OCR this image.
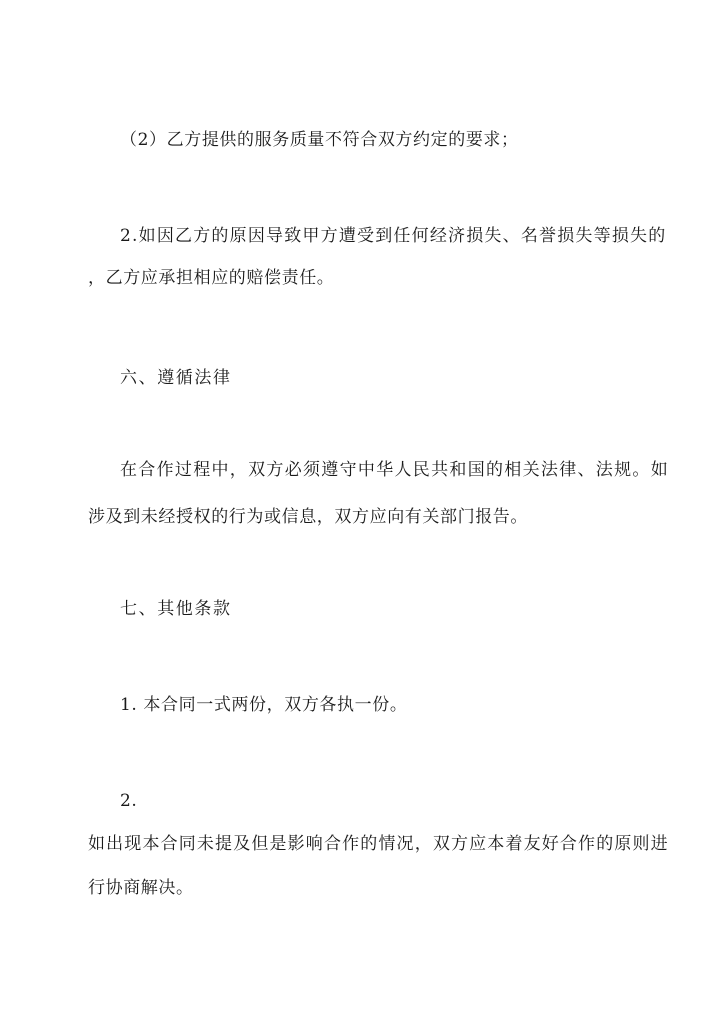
（2）乙方提供的服务质量不符合双方约定的要求；
2.如因乙方的原因导致甲方遭受到任何经济损失、名誉损失等损失的
，乙方应承担相应的赔偿责任。
六、遵循法律
在合作过程中，双方必须遵守中华人民共和国的相关法律、法规。如
涉及到未经授权的行为或信息，双方应向有关部门报告。
七、其他条款
1. 本合同一式两份，双方各执一份。
2.
如出现本合同未提及但是影响合作的情况，双方应本着友好合作的原则进
行协商解决。
